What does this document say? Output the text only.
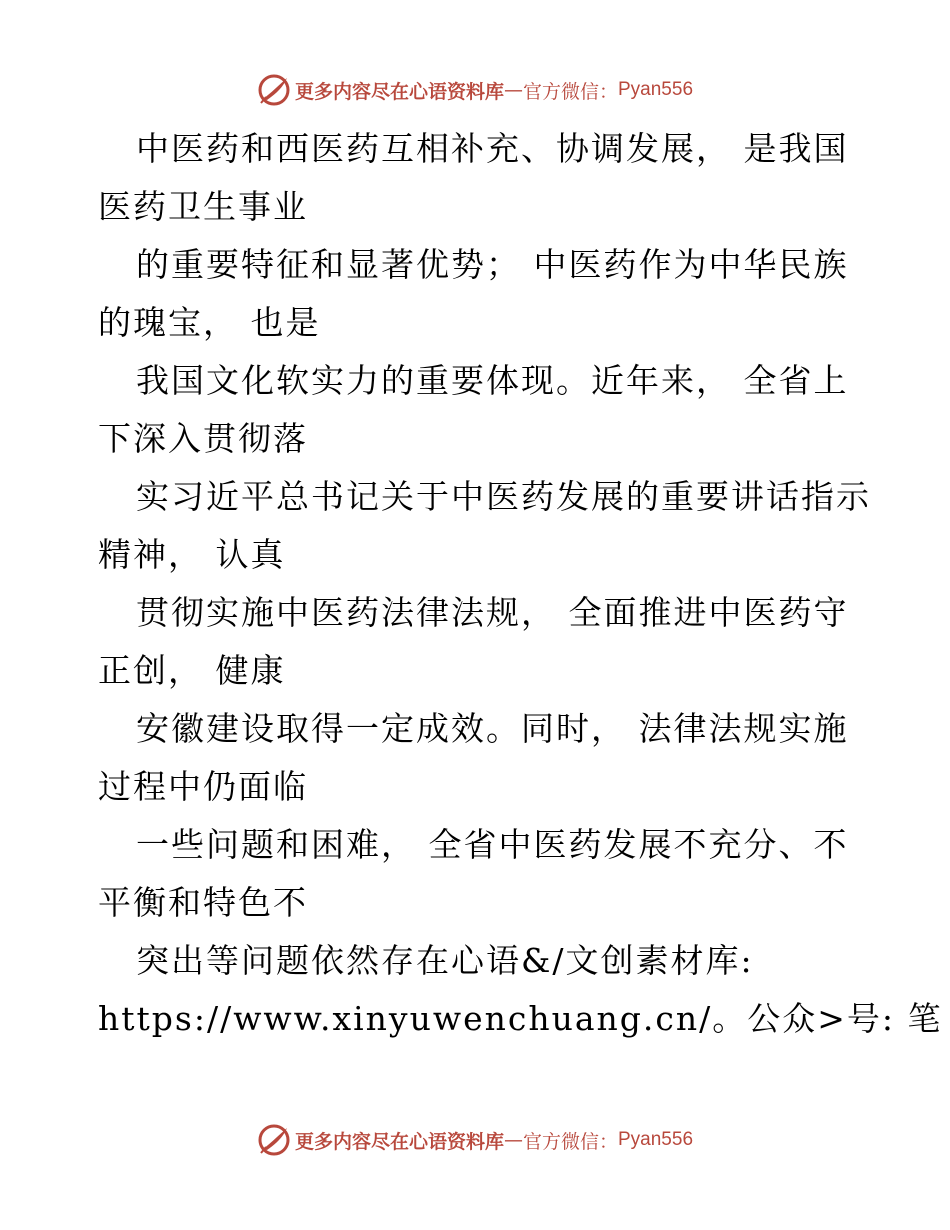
更多内容尽在心语资料库 — 官方微信： Pyan556
中医药和西医药互相补充、协调发展， 是我国
医药卫生事业
的重要特征和显著优势； 中医药作为中华民族
的瑰宝， 也是
我国文化软实力的重要体现。近年来， 全省上
下深入贯彻落
实习近平总书记关于中医药发展的重要讲话指示
精神， 认真
贯彻实施中医药法律法规， 全面推进中医药守
正创， 健康
安徽建设取得一定成效。同时， 法律法规实施
过程中仍面临
一些问题和困难， 全省中医药发展不充分、不
平衡和特色不
突出等问题依然存在心语&/文创素材库:
https://www.xinyuwenchuang.cn/。公众>号: 笔
更多内容尽在心语资料库 — 官方微信： Pyan556
